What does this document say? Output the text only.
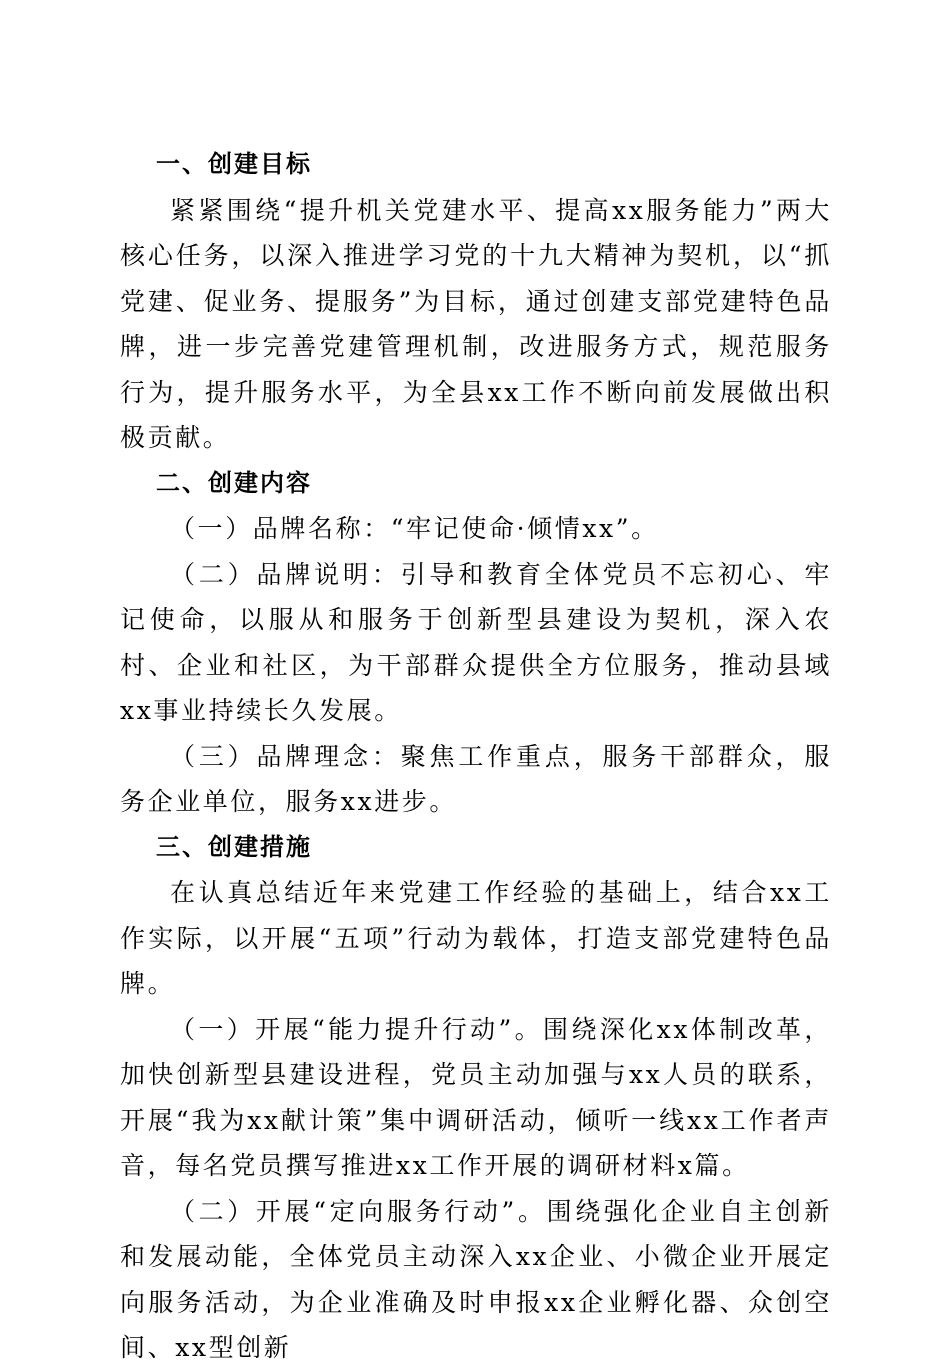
一、创建目标

紧紧围绕“提升机关党建水平、提高xx服务能力”两大核心任务，以深入推进学习党的十九大精神为契机，以“抓党建、促业务、提服务”为目标，通过创建支部党建特色品牌，进一步完善党建管理机制，改进服务方式，规范服务行为，提升服务水平，为全县xx工作不断向前发展做出积极贡献。

二、创建内容

（一）品牌名称：“牢记使命·倾情xx”。

（二）品牌说明：引导和教育全体党员不忘初心、牢记使命，以服从和服务于创新型县建设为契机，深入农村、企业和社区，为干部群众提供全方位服务，推动县域xx事业持续长久发展。

（三）品牌理念：聚焦工作重点，服务干部群众，服务企业单位，服务xx进步。

三、创建措施

在认真总结近年来党建工作经验的基础上，结合xx工作实际，以开展“五项”行动为载体，打造支部党建特色品牌。

（一）开展“能力提升行动”。围绕深化xx体制改革，加快创新型县建设进程，党员主动加强与xx人员的联系，开展“我为xx献计策”集中调研活动，倾听一线xx工作者声音，每名党员撰写推进xx工作开展的调研材料x篇。

（二）开展“定向服务行动”。围绕强化企业自主创新和发展动能，全体党员主动深入xx企业、小微企业开展定向服务活动，为企业准确及时申报xx企业孵化器、众创空间、xx型创新
